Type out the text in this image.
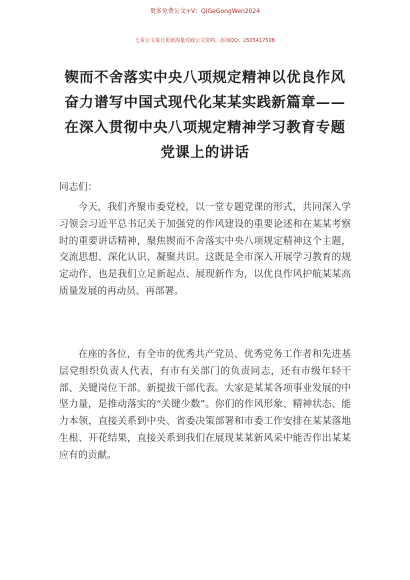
更多免费公文+V：QiGeGongWen2024
七哥公文每日更新海量对政公文资料，添加QQ：2505417508
锲而不舍落实中央八项规定精神以优良作风
奋力谱写中国式现代化某某实践新篇章——
在深入贯彻中央八项规定精神学习教育专题
党课上的讲话
同志们：
今天，我们齐聚市委党校，以一堂专题党课的形式，共同深入学习领会习近平总书记关于加强党的作风建设的重要论述和在某某考察时的重要讲话精神，聚焦锲而不舍落实中央八项规定精神这个主题，交流思想、深化认识、凝聚共识。这既是全市深入开展学习教育的规定动作，也是我们立足新起点、展现新作为，以优良作风护航某某高质量发展的再动员、再部署。
在座的各位，有全市的优秀共产党员、优秀党务工作者和先进基层党组织负责人代表，有市有关部门的负责同志，还有市级年轻干部、关键岗位干部、新提拔干部代表。大家是某某各项事业发展的中坚力量，是推动落实的“关键少数”。你们的作风形象、精神状态、能力本领，直接关系到中央、省委决策部署和市委工作安排在某某落地生根、开花结果，直接关系到我们在展现某某新风采中能否作出某某应有的贡献。
